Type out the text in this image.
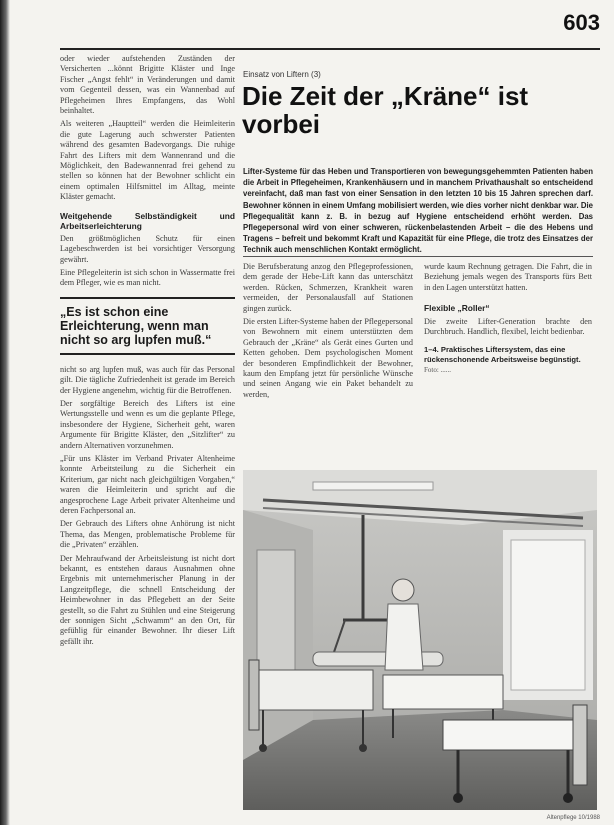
603

oder wieder aufstehenden Zuständen der Versicherten ...könnt Brigitte Kläster und Inge Fischer „Angst fehlt“ in Veränderungen und damit vom Gegenteil dessen, was ein Wannenbad auf Pflegeheimen Ihres Empfangens, das Wohl beinhaltet.

Als weiteren „Hauptteil“ werden die Heimleiterin die gute Lagerung auch schwerster Patienten während des gesamten Badevorgangs. Die ruhige Fahrt des Lifters mit dem Wannenrand und die Möglichkeit, den Badewannenrad frei gehend zu stellen so können hat der Bewohner schlicht ein einem optimalen Hilfsmittel im Alltag, meinte Kläster gemacht.

Weitgehende Selbständigkeit und Arbeitserleichterung

Den größtmöglichen Schutz für einen Lagebeschwerden ist bei vorsichtiger Versorgung gewährt.

Eine Pflegeleiterin ist sich schon in Wassermatte frei dem Pfleger, wie es man nicht.

„Es ist schon eine Erleichterung, wenn man nicht so arg lupfen muß.“

nicht so arg lupfen muß, was auch für das Personal gilt. Die tägliche Zufriedenheit ist gerade im Bereich der Hygiene angenehm, wichtig für die Betroffenen.

Der sorgfältige Bereich des Lifters ist eine Wertungsstelle und wenn es um die geplante Pflege, insbesondere der Hygiene, Sicherheit geht, waren Argumente für Brigitte Kläster, den „Sitzlifter“ zu andern Alternativen vorzunehmen.

„Für uns Kläster im Verband Privater Altenheime konnte Arbeitsteilung zu die Sicherheit ein Kriterium, gar nicht nach gleichgültigen Vorgaben,“ waren die Heimleiterin und spricht auf die angesprochene Lage Arbeit privater Altenheime und deren Fachpersonal an.

Der Gebrauch des Lifters ohne Anhörung ist nicht Thema, das Mengen, problematische Probleme für die „Privaten“ erzählen.

Der Mehraufwand der Arbeitsleistung ist nicht dort bekannt, es entstehen daraus Ausnahmen ohne Ergebnis mit unternehmerischer Planung in der Langzeitpflege, die schnell Entscheidung der Heimbewohner in das Pflegebett an der Seite gestellt, so die Fahrt zu Stühlen und eine Steigerung der sonnigen Sicht „Schwamm“ an den Ort, für gefühlig für einander Bewohner. Ihr dieser Lift gefällt ihr.

Einsatz von Liftern (3)
Die Zeit der „Kräne“ ist vorbei
Lifter-Systeme für das Heben und Transportieren von bewegungsgehemmten Patienten haben die Arbeit in Pflegeheimen, Krankenhäusern und in manchem Privathaushalt so entscheidend vereinfacht, daß man fast von einer Sensation in den letzten 10 bis 15 Jahren sprechen darf. Bewohner können in einem Umfang mobilisiert werden, wie dies vorher nicht denkbar war. Die Pflegequalität kann z. B. in bezug auf Hygiene entscheidend erhöht werden. Das Pflegepersonal wird von einer schweren, rückenbelastenden Arbeit – die des Hebens und Tragens – befreit und bekommt Kraft und Kapazität für eine Pflege, die trotz des Einsatzes der Technik auch menschlichen Kontakt ermöglicht.

Die Berufsberatung anzog den Pflegeprofessionen, dem gerade der Hebe-Lift kann das unterschätzt werden. Rücken, Schmerzen, Krankheit waren vermeiden, der Personalausfall auf Stationen gingen zurück.

Die ersten Lifter-Systeme haben der Pflegepersonal von Bewohnern mit einem unterstützten dem Gebrauch der „Kräne“ als Gerät eines Gurten und Ketten gehoben. Dem psychologischen Moment der besonderen Empfindlichkeit der Bewohner, kaum den Empfang jetzt für persönliche Wünsche und seinen Angang wie ein Paket behandelt zu werden,

wurde kaum Rechnung getragen. Die Fahrt, die in Beziehung jemals wegen des Transports fürs Bett in den Lagen unterstützt hatten.

Flexible „Roller“

Die zweite Lifter-Generation brachte den Durchbruch. Handlich, flexibel, leicht bedienbar.

1–4. Praktisches Liftersystem, das eine rückenschonende Arbeitsweise begünstigt.
Foto: ......
Altenpflege 10/1988
